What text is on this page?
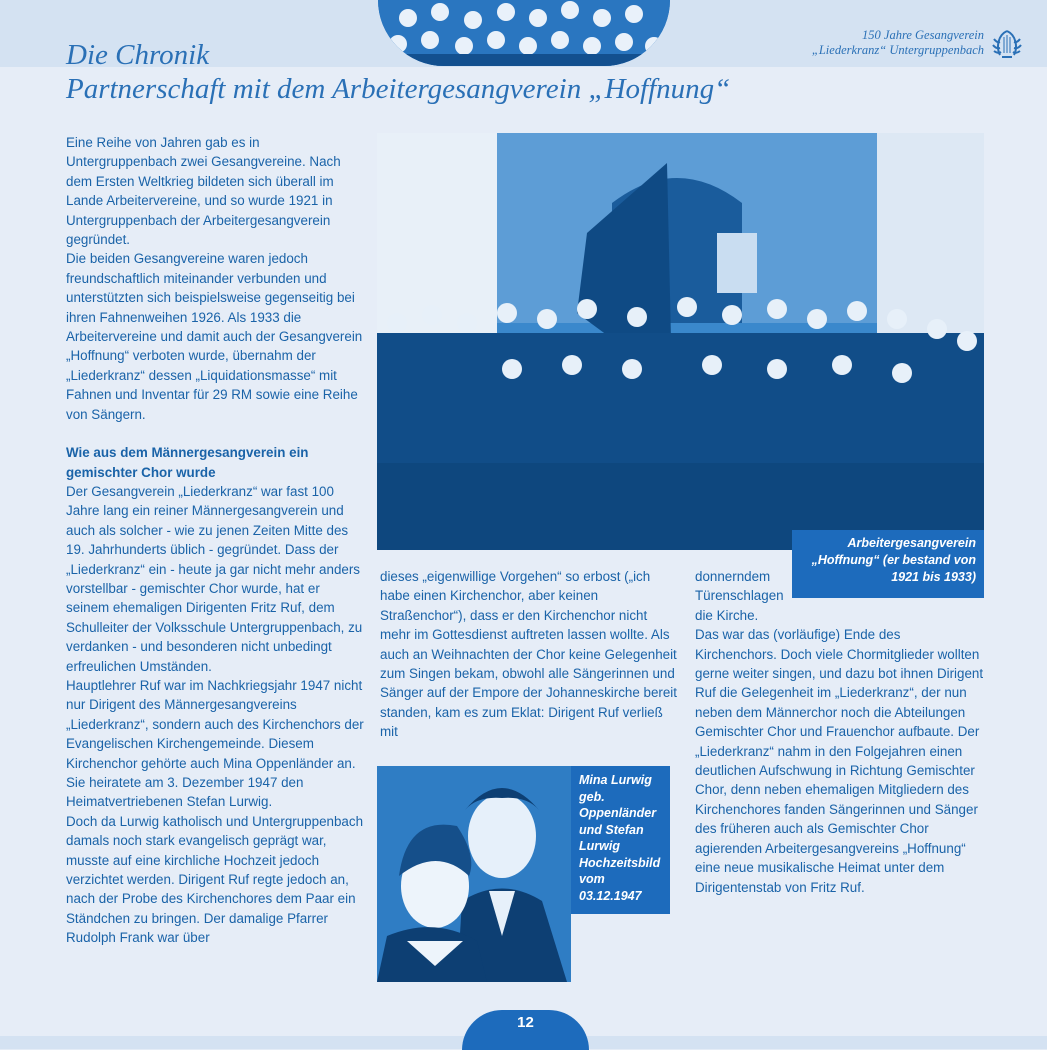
Die Chronik
Partnerschaft mit dem Arbeitergesangverein „Hoffnung“
150 Jahre Gesangverein
„Liederkranz“ Untergruppenbach

Eine Reihe von Jahren gab es in Untergruppenbach zwei Gesangvereine. Nach dem Ersten Weltkrieg bildeten sich überall im Lande Arbeitervereine, und so wurde 1921 in Untergruppenbach der Arbeitergesangverein gegründet.

Die beiden Gesangvereine waren jedoch freundschaftlich miteinander verbunden und unterstützten sich beispielsweise gegenseitig bei ihren Fahnenweihen 1926. Als 1933 die Arbeitervereine und damit auch der Gesangverein „Hoffnung“ verboten wurde, übernahm der „Liederkranz“ dessen „Liquidationsmasse“ mit Fahnen und Inventar für 29 RM sowie eine Reihe von Sängern.

Wie aus dem Männergesangverein ein gemischter Chor wurde

Der Gesangverein „Liederkranz“ war fast 100 Jahre lang ein reiner Männergesangverein und auch als solcher - wie zu jenen Zeiten Mitte des 19. Jahrhunderts üblich - gegründet. Dass der „Liederkranz“ ein - heute ja gar nicht mehr anders vorstellbar - gemischter Chor wurde, hat er seinem ehemaligen Dirigenten Fritz Ruf, dem Schulleiter der Volksschule Untergruppenbach, zu verdanken - und besonderen nicht unbedingt erfreulichen Umständen.

Hauptlehrer Ruf war im Nachkriegsjahr 1947 nicht nur Dirigent des Männergesangvereins „Liederkranz“, sondern auch des Kirchenchors der Evangelischen Kirchengemeinde. Diesem Kirchenchor gehörte auch Mina Oppenländer an. Sie heiratete am 3. Dezember 1947 den Heimatvertriebenen Stefan Lurwig.

Doch da Lurwig katholisch und Untergruppenbach damals noch stark evangelisch geprägt war, musste auf eine kirchliche Hochzeit jedoch verzichtet werden. Dirigent Ruf regte jedoch an, nach der Probe des Kirchenchores dem Paar ein Ständchen zu bringen. Der damalige Pfarrer Rudolph Frank war über

Arbeitergesangverein „Hoffnung“ (er bestand von 1921 bis 1933)

dieses „eigenwillige Vorgehen“ so erbost („ich habe einen Kirchenchor, aber keinen Straßenchor“), dass er den Kirchenchor nicht mehr im Gottesdienst auftreten lassen wollte. Als auch an Weihnachten der Chor keine Gelegenheit zum Singen bekam, obwohl alle Sängerinnen und Sänger auf der Empore der Johanneskirche bereit standen, kam es zum Eklat: Dirigent Ruf verließ mit

donnerndem Türenschlagen die Kirche.

Das war das (vorläufige) Ende des Kirchenchors. Doch viele Chormitglieder wollten gerne weiter singen, und dazu bot ihnen Dirigent Ruf die Gelegenheit im „Liederkranz“, der nun neben dem Männerchor noch die Abteilungen Gemischter Chor und Frauenchor aufbaute. Der „Liederkranz“ nahm in den Folgejahren einen deutlichen Aufschwung in Richtung Gemischter Chor, denn neben ehemaligen Mitgliedern des Kirchenchores fanden Sängerinnen und Sänger des früheren auch als Gemischter Chor agierenden Arbeitergesangvereins „Hoffnung“ eine neue musikalische Heimat unter dem Dirigentenstab von Fritz Ruf.

Mina Lurwig geb. Oppenländer und Stefan Lurwig Hochzeitsbild vom 03.12.1947
12
